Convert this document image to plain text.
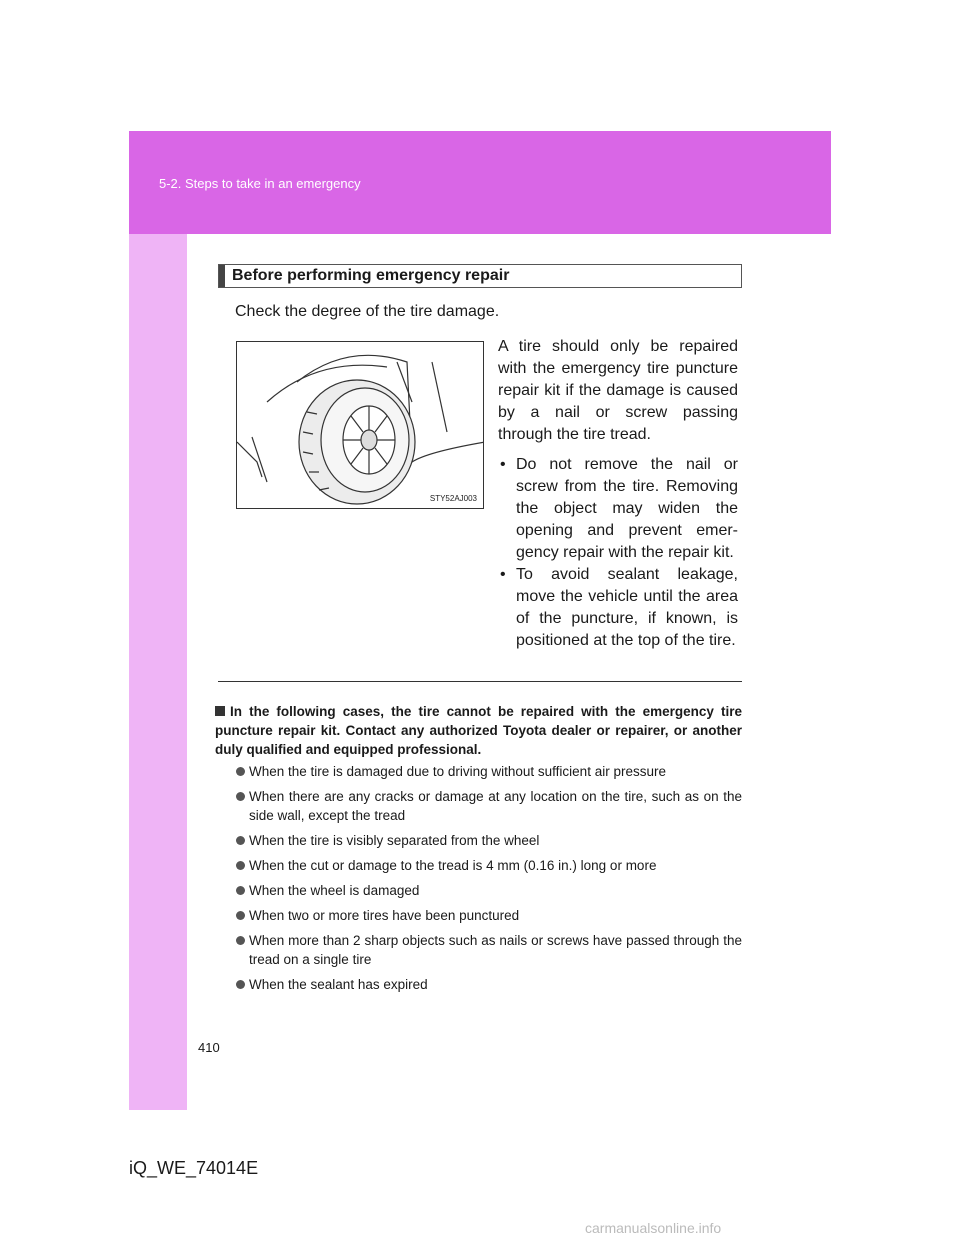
5-2. Steps to take in an emergency
Before performing emergency repair
Check the degree of the tire damage.
STY52AJ003
A tire should only be repaired with the emergency tire puncture repair kit if the damage is caused by a nail or screw passing through the tire tread.
• Do not remove the nail or screw from the tire. Removing the object may widen the opening and prevent emer-gency repair with the repair kit.
• To avoid sealant leakage, move the vehicle until the area of the puncture, if known, is positioned at the top of the tire.
In the following cases, the tire cannot be repaired with the emergency tire puncture repair kit. Contact any authorized Toyota dealer or repairer, or another duly qualified and equipped professional.
When the tire is damaged due to driving without sufficient air pressure
When there are any cracks or damage at any location on the tire, such as on the side wall, except the tread
When the tire is visibly separated from the wheel
When the cut or damage to the tread is 4 mm (0.16 in.) long or more
When the wheel is damaged
When two or more tires have been punctured
When more than 2 sharp objects such as nails or screws have passed through the tread on a single tire
When the sealant has expired
410
iQ_WE_74014E
carmanualsonline.info
